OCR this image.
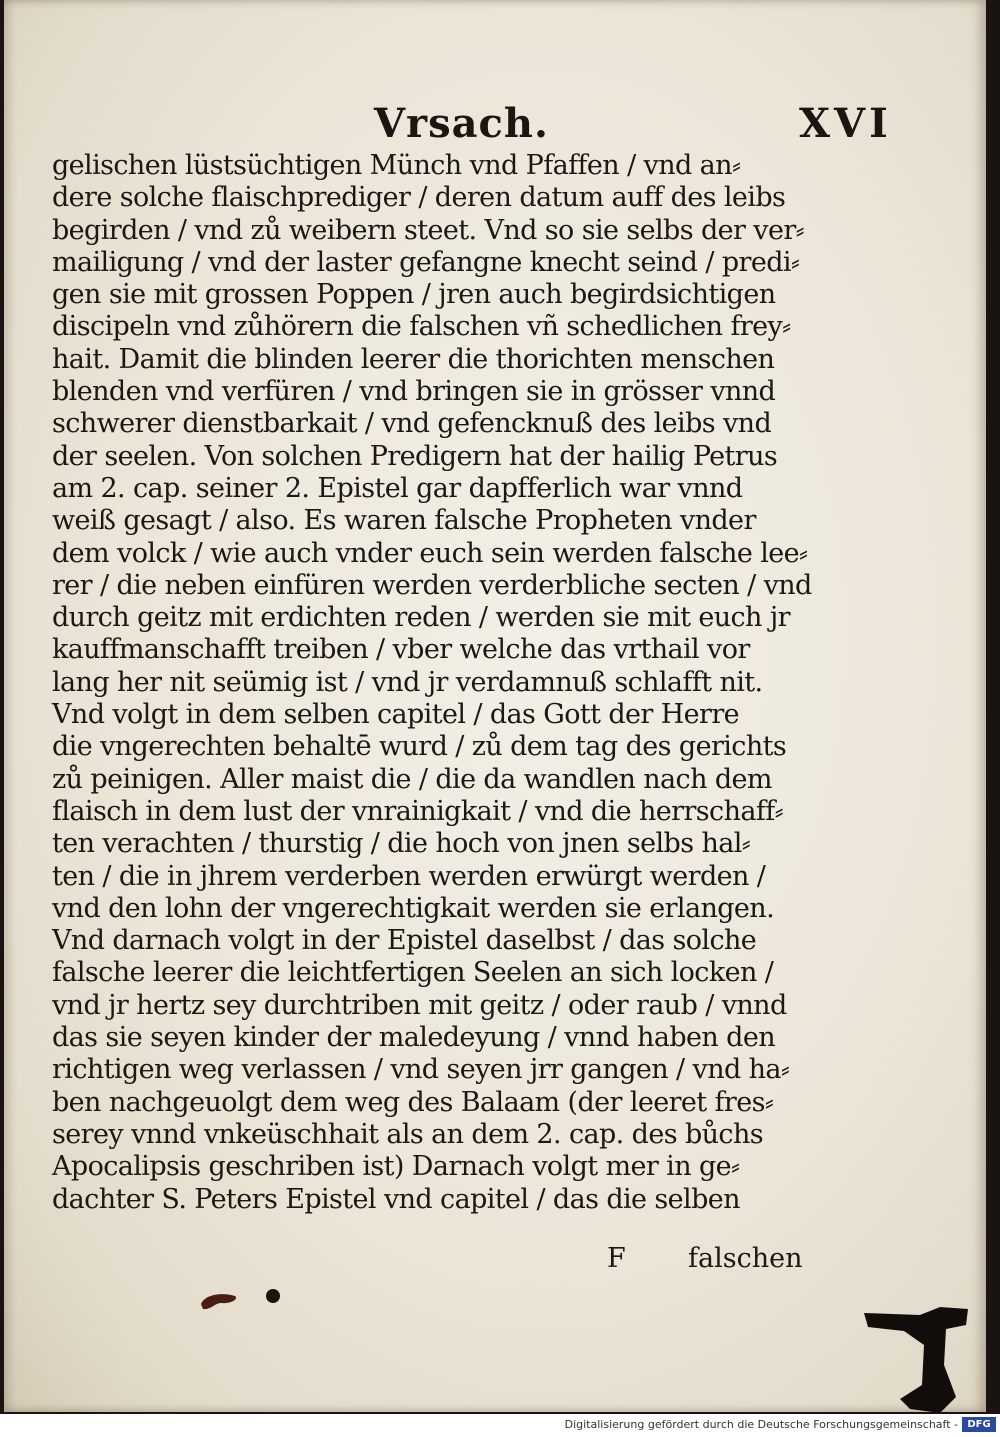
Vrsach.	XVI
gelischen lüstsüchtigen Münch vnd Pfaffen / vnd an⸗
dere solche flaischprediger / deren datum auff des leibs
begirden / vnd zů weibern steet. Vnd so sie selbs der ver⸗
mailigung / vnd der laster gefangne knecht seind / predi⸗
gen sie mit grossen Poppen / jren auch begirdsichtigen
discipeln vnd zůhörern die falschen vñ schedlichen frey⸗
hait. Damit die blinden leerer die thorichten menschen
blenden vnd verfüren / vnd bringen sie in grösser vnnd
schwerer dienstbarkait / vnd gefencknuß des leibs vnd
der seelen. Von solchen Predigern hat der hailig Petrus
am 2. cap. seiner 2. Epistel gar dapfferlich war vnnd
weiß gesagt / also. Es waren falsche Propheten vnder
dem volck / wie auch vnder euch sein werden falsche lee⸗
rer / die neben einfüren werden verderbliche secten / vnd
durch geitz mit erdichten reden / werden sie mit euch jr
kauffmanschafft treiben / vber welche das vrthail vor
lang her nit seümig ist / vnd jr verdamnuß schlafft nit.
Vnd volgt in dem selben capitel / das Gott der Herre
die vngerechten behaltē wurd / zů dem tag des gerichts
zů peinigen. Aller maist die / die da wandlen nach dem
flaisch in dem lust der vnrainigkait / vnd die herrschaff⸗
ten verachten / thurstig / die hoch von jnen selbs hal⸗
ten / die in jhrem verderben werden erwürgt werden /
vnd den lohn der vngerechtigkait werden sie erlangen.
Vnd darnach volgt in der Epistel daselbst / das solche
falsche leerer die leichtfertigen Seelen an sich locken /
vnd jr hertz sey durchtriben mit geitz / oder raub / vnnd
das sie seyen kinder der maledeyung / vnnd haben den
richtigen weg verlassen / vnd seyen jrr gangen / vnd ha⸗
ben nachgeuolgt dem weg des Balaam (der leeret fres⸗
serey vnnd vnkeüschhait als an dem 2. cap. des bůchs
Apocalipsis geschriben ist) Darnach volgt mer in ge⸗
dachter S. Peters Epistel vnd capitel / das die selben
F falschen
Digitalisierung gefördert durch die Deutsche Forschungsgemeinschaft - DFG
